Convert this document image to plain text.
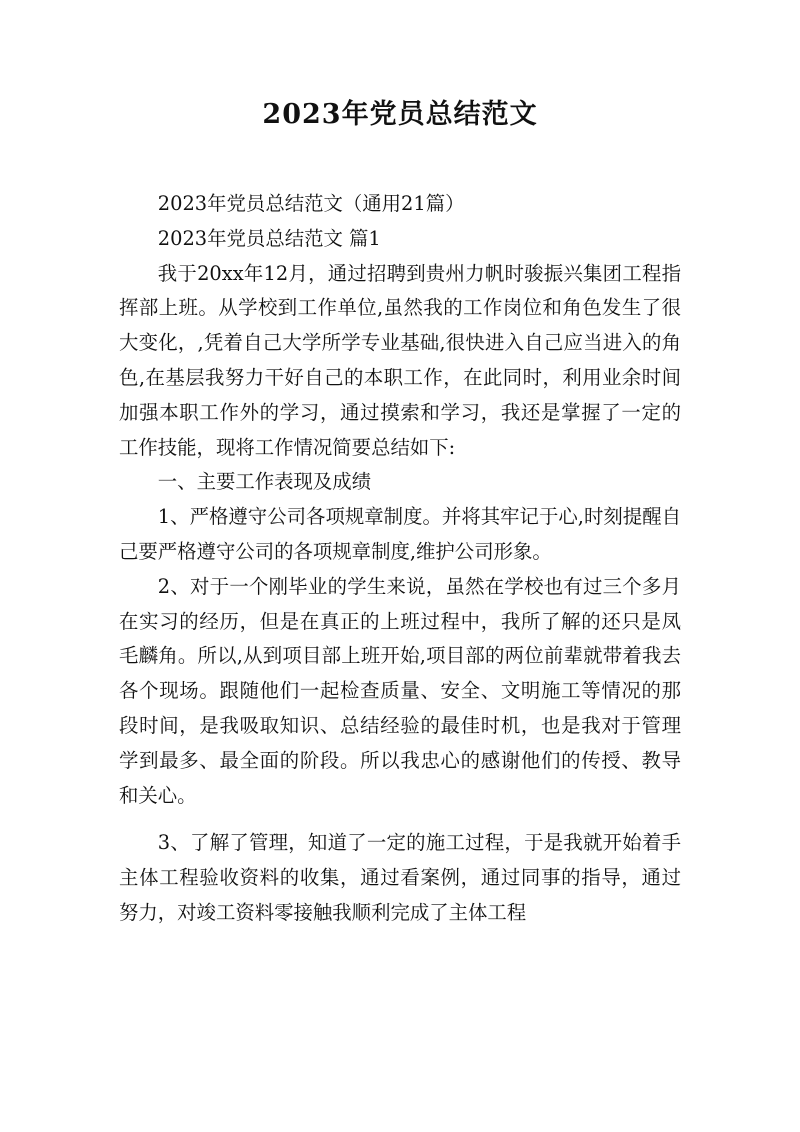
2023年党员总结范文

2023年党员总结范文（通用21篇）

2023年党员总结范文 篇1

我于20xx年12月，通过招聘到贵州力帆时骏振兴集团工程指挥部上班。从学校到工作单位,虽然我的工作岗位和角色发生了很大变化，,凭着自己大学所学专业基础,很快进入自己应当进入的角色,在基层我努力干好自己的本职工作，在此同时，利用业余时间加强本职工作外的学习，通过摸索和学习，我还是掌握了一定的工作技能，现将工作情况简要总结如下:

一、主要工作表现及成绩

1、严格遵守公司各项规章制度。并将其牢记于心,时刻提醒自己要严格遵守公司的各项规章制度,维护公司形象。

2、对于一个刚毕业的学生来说，虽然在学校也有过三个多月在实习的经历，但是在真正的上班过程中，我所了解的还只是凤毛麟角。所以,从到项目部上班开始,项目部的两位前辈就带着我去各个现场。跟随他们一起检查质量、安全、文明施工等情况的那段时间，是我吸取知识、总结经验的最佳时机，也是我对于管理学到最多、最全面的阶段。所以我忠心的感谢他们的传授、教导和关心。

3、了解了管理，知道了一定的施工过程，于是我就开始着手主体工程验收资料的收集，通过看案例，通过同事的指导，通过努力，对竣工资料零接触我顺利完成了主体工程
